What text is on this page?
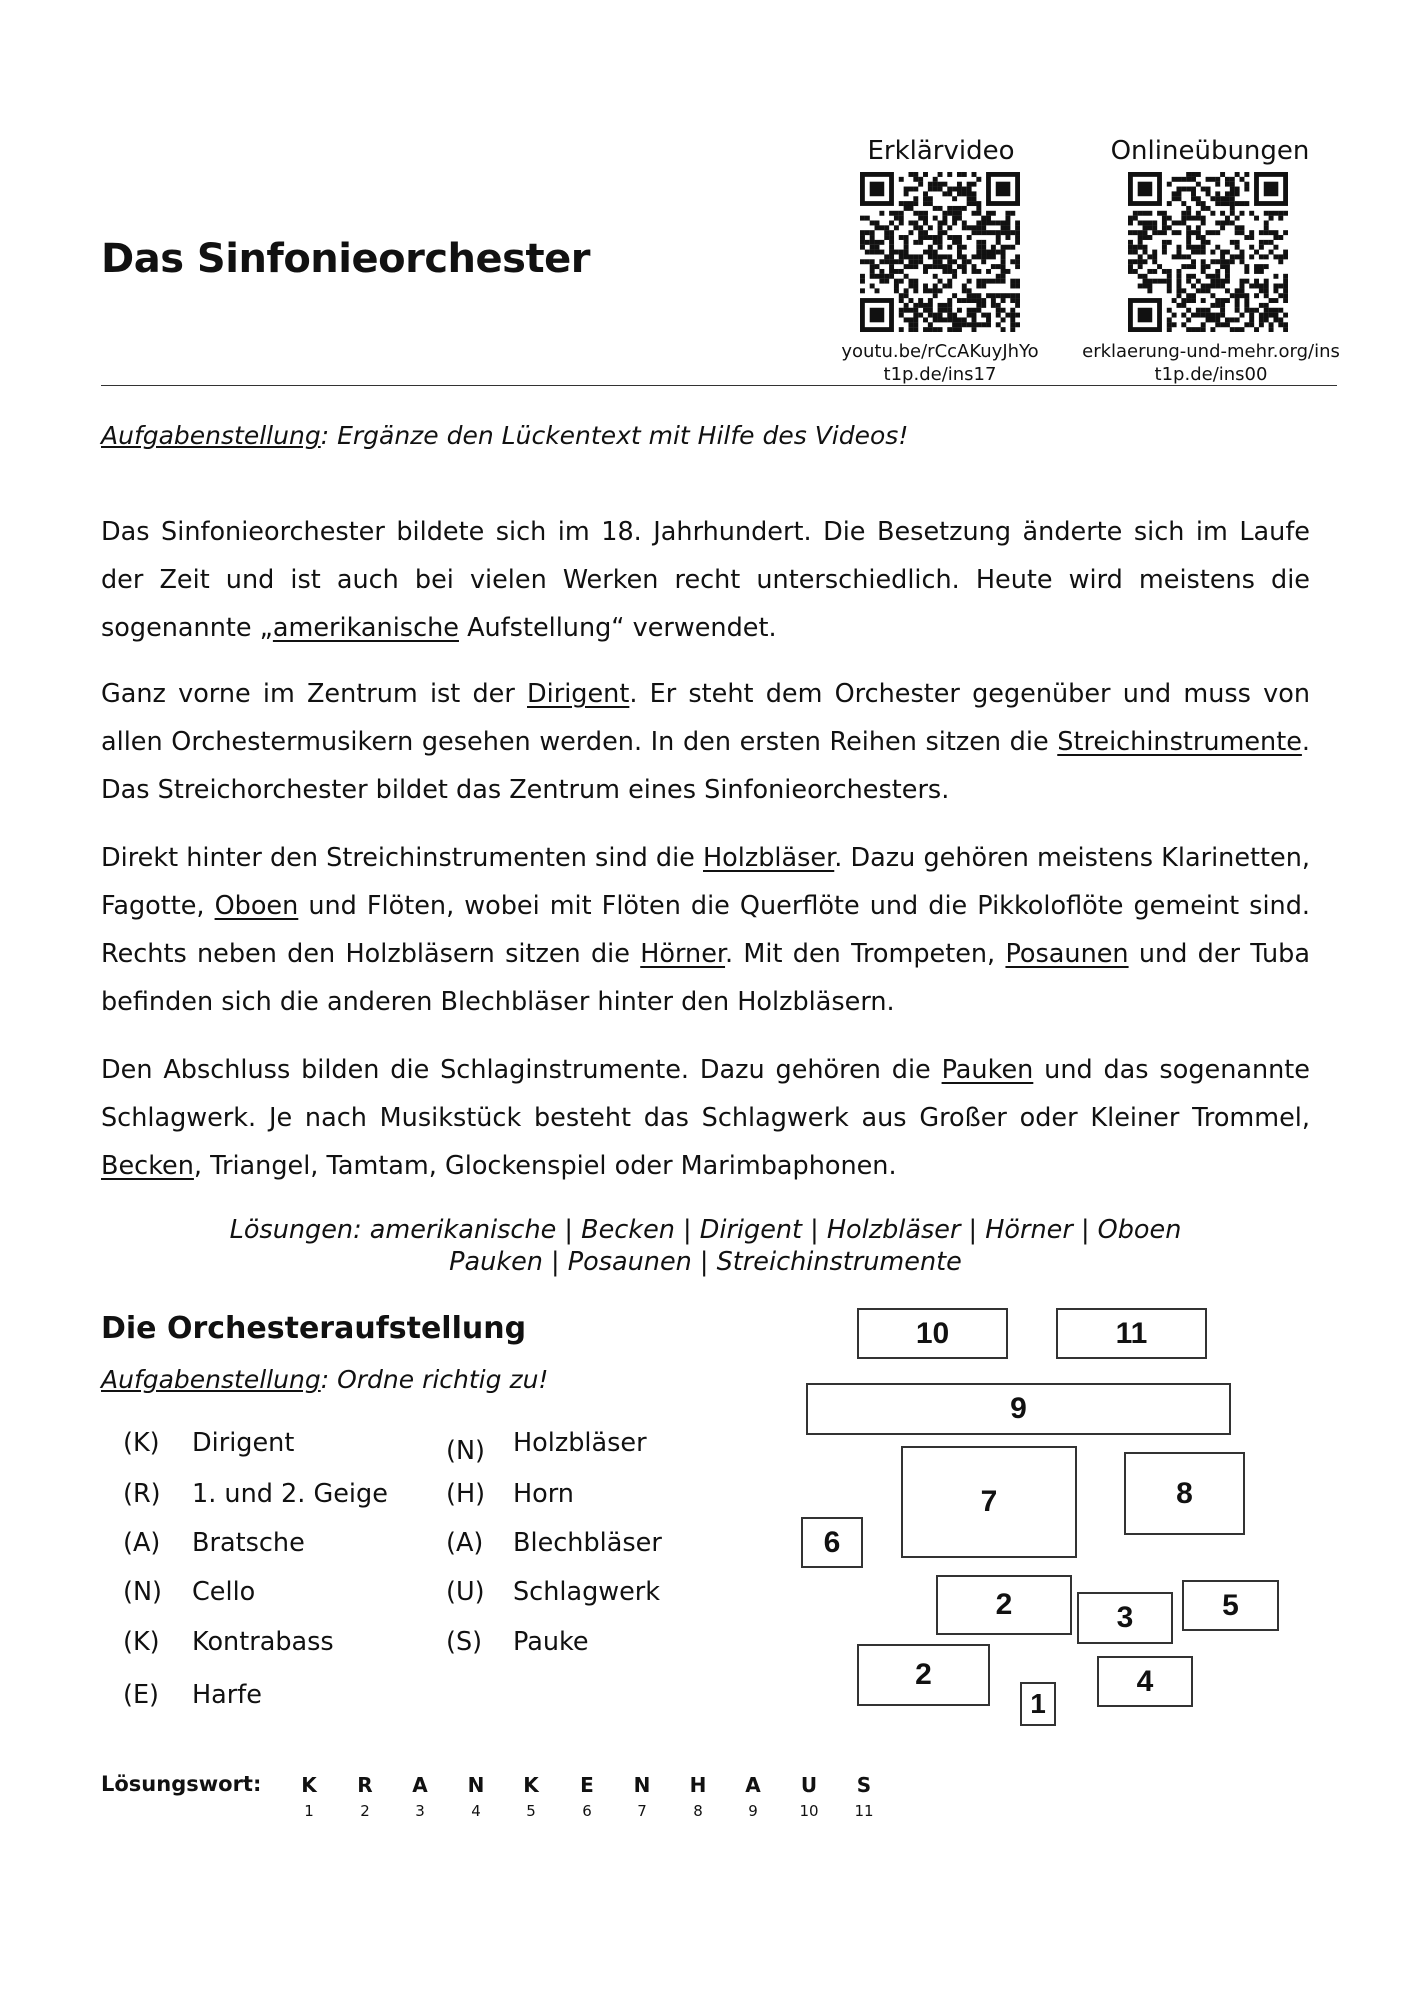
Das Sinfonieorchester
Erklärvideo
youtu.be/rCcAKuyJhYo
t1p.de/ins17
Onlineübungen
erklaerung-und-mehr.org/ins
t1p.de/ins00
Aufgabenstellung: Ergänze den Lückentext mit Hilfe des Videos!
Das Sinfonieorchester bildete sich im 18. Jahrhundert. Die Besetzung änderte sich im Laufe der Zeit und ist auch bei vielen Werken recht unterschiedlich. Heute wird meistens die sogenannte „amerikanische Aufstellung“ verwendet.
Ganz vorne im Zentrum ist der Dirigent. Er steht dem Orchester gegenüber und muss von allen Orchestermusikern gesehen werden. In den ersten Reihen sitzen die Streichinstrumente. Das Streichorchester bildet das Zentrum eines Sinfonieorchesters.
Direkt hinter den Streichinstrumenten sind die Holzbläser. Dazu gehören meistens Klarinetten, Fagotte, Oboen und Flöten, wobei mit Flöten die Querflöte und die Pikkoloflöte gemeint sind. Rechts neben den Holzbläsern sitzen die Hörner. Mit den Trompeten, Posaunen und der Tuba befinden sich die anderen Blechbläser hinter den Holzbläsern.
Den Abschluss bilden die Schlaginstrumente. Dazu gehören die Pauken und das sogenannte Schlagwerk. Je nach Musikstück besteht das Schlagwerk aus Großer oder Kleiner Trommel, Becken, Triangel, Tamtam, Glockenspiel oder Marimbaphonen.
Lösungen: amerikanische | Becken | Dirigent | Holzbläser | Hörner | Oboen
Pauken | Posaunen | Streichinstrumente
Die Orchesteraufstellung
Aufgabenstellung: Ordne richtig zu!
(K) Dirigent
(R) 1. und 2. Geige
(A) Bratsche
(N) Cello
(K) Kontrabass
(E) Harfe
(N) Holzbläser
(H) Horn
(A) Blechbläser
(U) Schlagwerk
(S) Pauke
10	11
9
7	8
6
2	3	5
2	4
1
Lösungswort:	K
1
R
2
A
3
N
4
K
5
E
6
N
7
H
8
A
9
U
10
S
11
